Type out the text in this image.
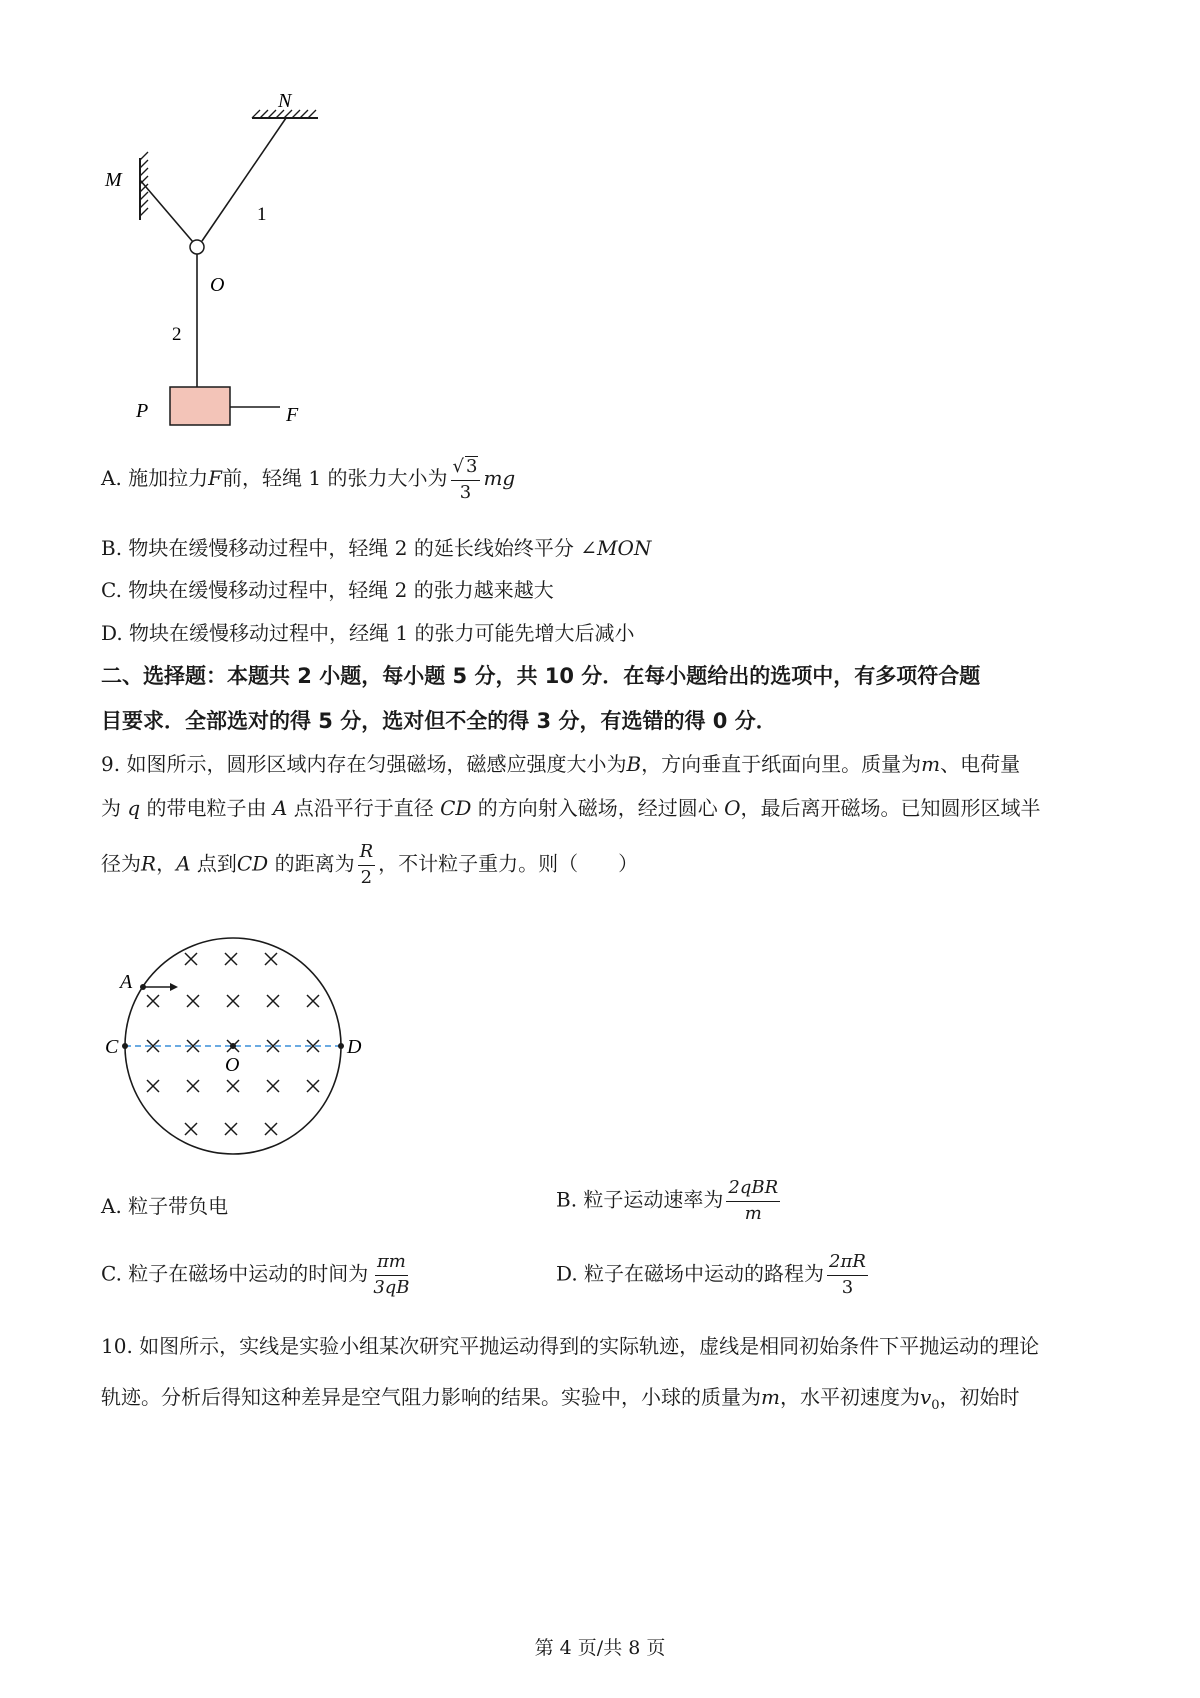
N
M
1
O
2
P	F
A. 施加拉力F前，轻绳 1 的张力大小为 $\frac{√ 3}{3}$ mg
B. 物块在缓慢移动过程中，轻绳 2 的延长线始终平分 ∠MON
C. 物块在缓慢移动过程中，轻绳 2 的张力越来越大
D. 物块在缓慢移动过程中，经绳 1 的张力可能先增大后减小
二、选择题：本题共 2 小题，每小题 5 分，共 10 分．在每小题给出的选项中，有多项符合题
目要求．全部选对的得 5 分，选对但不全的得 3 分，有选错的得 0 分．
9. 如图所示，圆形区域内存在匀强磁场，磁感应强度大小为B，方向垂直于纸面向里。质量为m、电荷量
为 q 的带电粒子由 A 点沿平行于直径 CD 的方向射入磁场，经过圆心 O，最后离开磁场。已知圆形区域半
径为R，A 点到CD 的距离为 $\frac{R}{2}$ ，不计粒子重力。则（　　）
A
C	D
O
A. 粒子带负电	B. 粒子运动速率为 $\frac{\text{2qBR}}{m}$
C. 粒子在磁场中运动的时间为 $\frac{\pi m}{3qB}$	D. 粒子在磁场中运动的路程为 $\frac{2\pi R}{3}$
10. 如图所示，实线是实验小组某次研究平抛运动得到的实际轨迹，虚线是相同初始条件下平抛运动的理论
轨迹。分析后得知这种差异是空气阻力影响的结果。实验中，小球的质量为m，水平初速度为$v_0$，初始时
第 4 页/共 8 页
